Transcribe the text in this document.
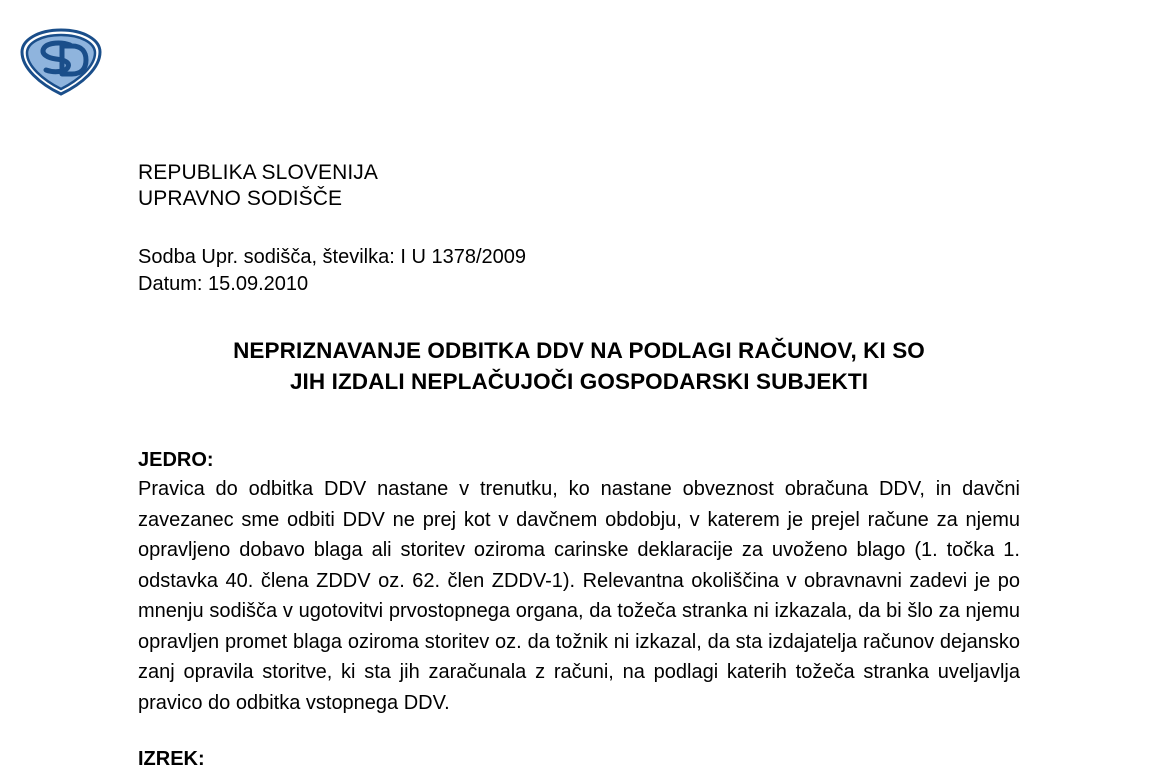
REPUBLIKA SLOVENIJA
UPRAVNO SODIŠČE
Sodba Upr. sodišča, številka: I U 1378/2009
Datum: 15.09.2010
NEPRIZNAVANJE ODBITKA DDV NA PODLAGI RAČUNOV, KI SO
JIH IZDALI NEPLAČUJOČI GOSPODARSKI SUBJEKTI
JEDRO:
Pravica do odbitka DDV nastane v trenutku, ko nastane obveznost obračuna DDV, in davčni zavezanec sme odbiti DDV ne prej kot v davčnem obdobju, v katerem je prejel račune za njemu opravljeno dobavo blaga ali storitev oziroma carinske deklaracije za uvoženo blago (1. točka 1. odstavka 40. člena ZDDV oz. 62. člen ZDDV-1). Relevantna okoliščina v obravnavni zadevi je po mnenju sodišča v ugotovitvi prvostopnega organa, da tožeča stranka ni izkazala, da bi šlo za njemu opravljen promet blaga oziroma storitev oz. da tožnik ni izkazal, da sta izdajatelja računov dejansko zanj opravila storitve, ki sta jih zaračunala z računi, na podlagi katerih tožeča stranka uveljavlja pravico do odbitka vstopnega DDV.
IZREK:
